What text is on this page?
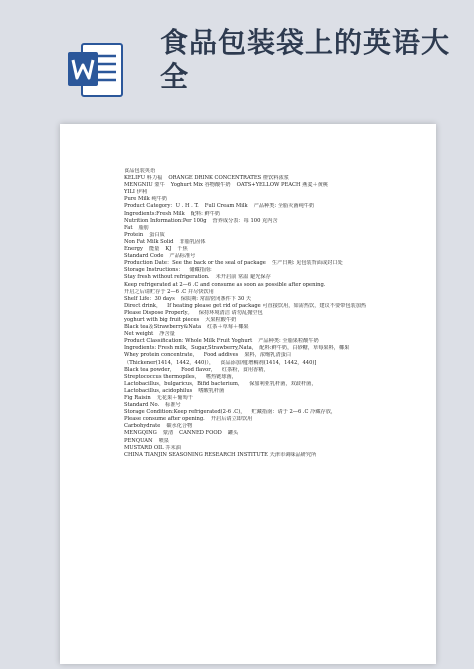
食品包装袋上的英语大全
食品包装英语
KELIFU 科力福 ORANGE DRINK CONCENTRATES 橙饮料浓浆
MENGNIU 蒙牛 Yoghurt Mix 谷物酸牛奶 OATS+YELLOW PEACH 燕麦＋黄桃
YILI 伊利
Pure Milk 纯牛奶
Product Category：U . H . T. Full Cream Milk 产品种类: 全脂灭菌纯牛奶
Ingredients:Fresh Milk 配料: 鲜牛奶
Nutrition Information:Per 100g 营养成分表：每 100 克内含
Fat 脂肪
Protein 蛋白质
Non Fat Milk Solid 非脂乳固体
Energy 能量 KJ 千焦
Standard Code 产品标准号
Production Date：See the back or the seal of package 生产日期: 见包装背面或封口处
Storage Instructions： 储藏指南:
Stay fresh without refrigeration. 未开启前 常温 避光保存
Keep refrigerated at 2—6 .C and consume as soon as possible after opening.
开启之后请贮存于 2—6 .C 并尽快饮用
Shelf Life：30 days 保质期: 常温密闭条件下 30 天
Direct drink， If heating please get rid of package 可直接饮用，如需热饮，建议不要带包装加热
Please Dispose Properly。 保持环境清洁 请勿乱抛空包
yoghurt with big fruit pieces 大果粒酸牛奶
Black tea＆Strawberry&Nata 红茶＋草莓＋椰果
Net weight 净含量
Product Classification: Whole Milk Fruit Yoghurt 产品种类: 全脂果粒酸牛奶
Ingredients: Fresh milk，Sugar,Strawberry,Nata, 配料:鲜牛奶，白砂糖，草莓果料，椰果
Whey protein concentrate， Food addives 果料，浓缩乳清蛋白
（Thickener(1414，1442，440)）， 食品添加剂[增稠剂(1414，1442，440)]
Black tea powder， Food flavor， 红茶粉，食用香精，
Streptococcus thermopiles， 嗜热链球菌，
Lactobacillus，bulgaricus，Bifid bacterium， 保加利亚乳杆菌，双歧杆菌，
Lactobacillus, acidophilus 嗜酸乳杆菌
Fig Raisin 无花果＋葡萄干
Standard No. 标准号
Storage Condition:Keep refrigerated(2-6 .C)， 贮藏指南：请于 2—6 .C 冷藏存放，
Please consume after opening. 开启后请立即饮用
Carbohydrate 碳水化合物
MENGQING 蒙清 CANNED FOOD 罐头
PENQUAN 喷泉
MUSTARD OIL 芥末油
CHINA TIANJIN SEASONING RESEARCH INSTITUTE 天津市调味品研究所
